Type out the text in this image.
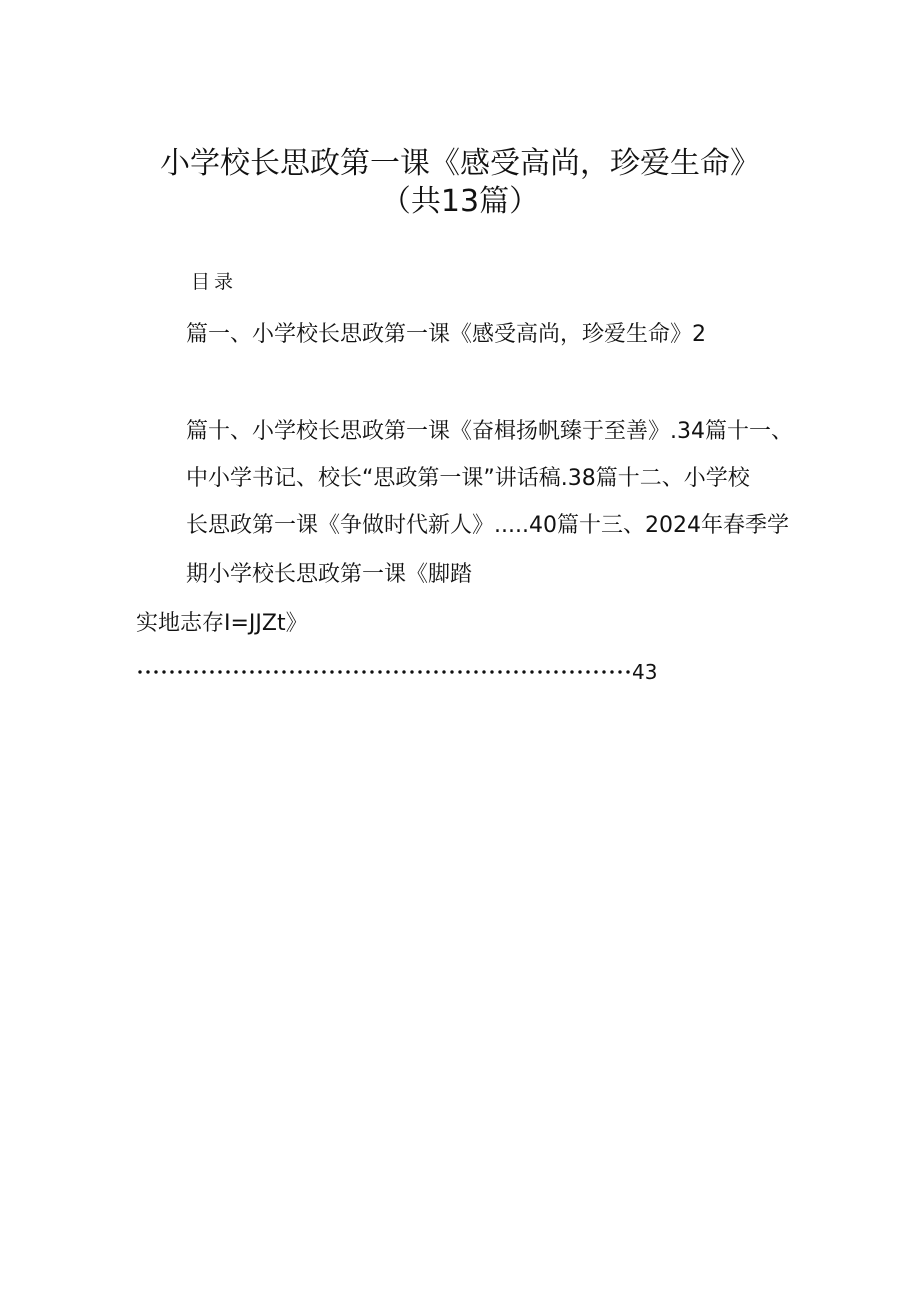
小学校长思政第一课《感受高尚，珍爱生命》
（共13篇）
目录
篇一、小学校长思政第一课《感受高尚，珍爱生命》2
篇十、小学校长思政第一课《奋楫扬帆臻于至善》.34篇十一、
中小学书记、校长“思政第一课”讲话稿.38篇十二、小学校
长思政第一课《争做时代新人》.....40篇十三、2024年春季学
期小学校长思政第一课《脚踏
实地志存I=JJZt》
43
